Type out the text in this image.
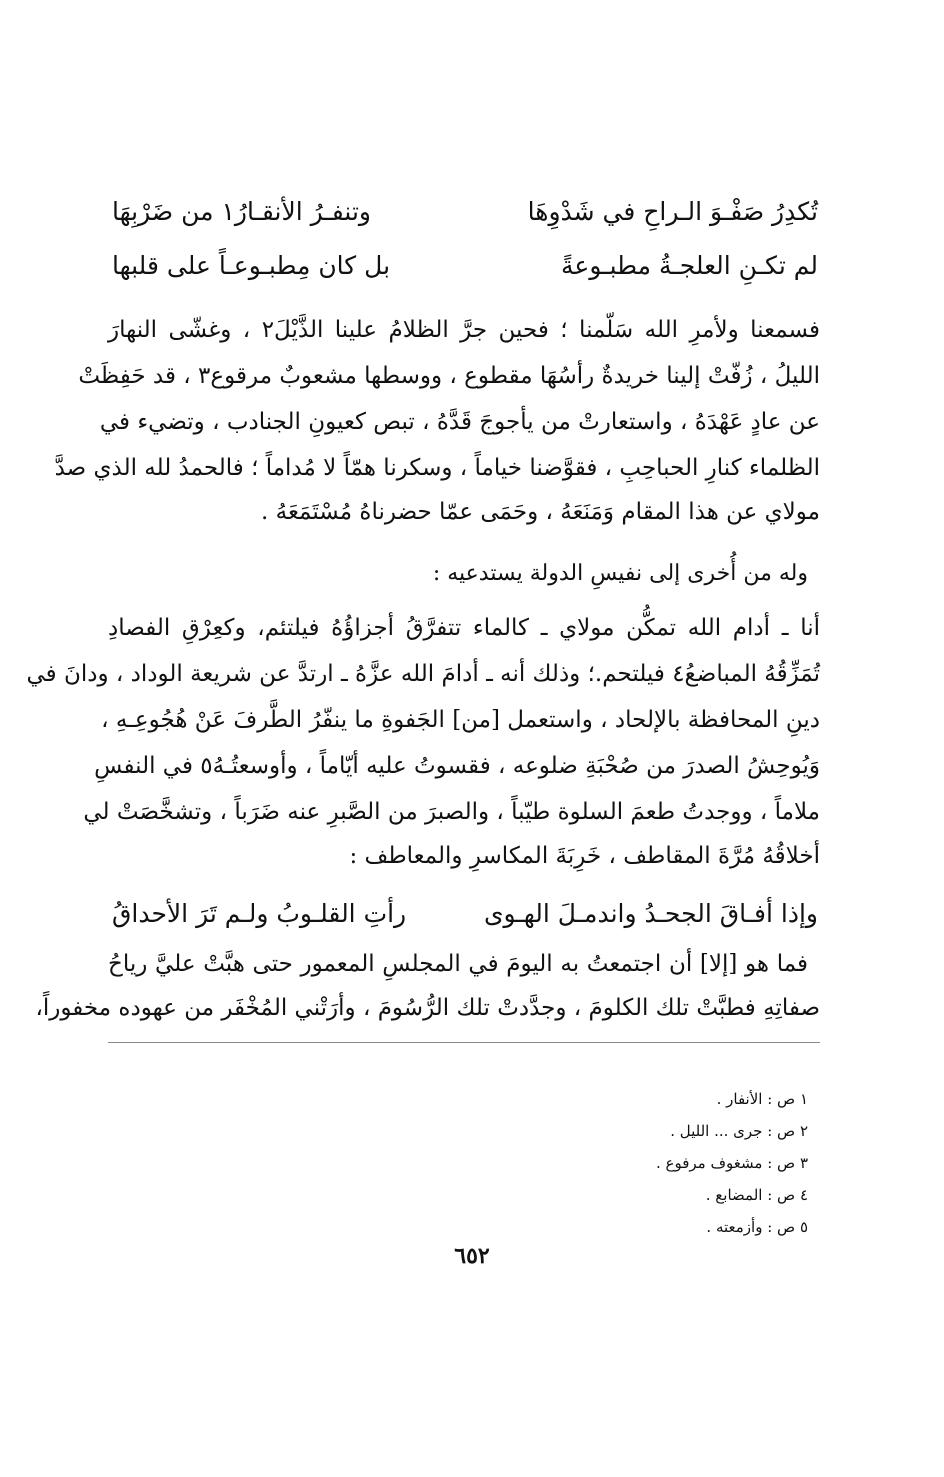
تُكدِرُ صَفْـوَ الـراحِ في شَدْوِهَا
وتنفـرُ الأنقـارُ١ من ضَرْبِهَا
لم تكـنِ العلجـةُ مطبـوعةً
بل كان مِطبـوعـاً على قلبها
فسمعنا ولأمرِ الله سَلّمنا ؛ فحين جرَّ الظلامُ علينا الذَّيْلَ٢ ، وغشّى النهارَ
الليلُ ، زُفّتْ إلينا خريدةٌ رأسُهَا مقطوع ، ووسطها مشعوبٌ مرقوع٣ ، قد حَفِظَتْ
عن عادٍ عَهْدَهُ ، واستعارتْ من يأجوجَ قَدَّهُ ، تبص كعيونِ الجنادب ، وتضيء في
الظلماء كنارِ الحباحِبِ ، فقوَّضنا خياماً ، وسكرنا همّاً لا مُداماً ؛ فالحمدُ لله الذي صدَّ
مولاي عن هذا المقام وَمَنَعَهُ ، وحَمَى عمّا حضرناهُ مُسْتَمَعَهُ .
وله من أُخرى إلى نفيسِ الدولة يستدعيه :
أنا ـ أدام الله تمكُّن مولاي ـ كالماء تتفرَّقُ أجزاؤُهُ فيلتئم، وكعِرْقِ الفصادِ
تُمَزِّقُهُ المباضعُ٤ فيلتحم.؛ وذلك أنه ـ أدامَ الله عزَّهُ ـ ارتدَّ عن شريعة الوداد ، ودانَ في
دينِ المحافظة بالإلحاد ، واستعمل [من] الجَفوةِ ما ينفّرُ الطَّرفَ عَنْ هُجُوعِـهِ ،
وَيُوحِشُ الصدرَ من صُحْبَةِ ضلوعه ، فقسوتُ عليه أيّاماً ، وأوسعتُـهُ٥ في النفسِ
ملاماً ، ووجدتُ طعمَ السلوة طيّباً ، والصبرَ من الصَّبرِ عنه ضَرَباً ، وتشخَّصَتْ لي
أخلاقُهُ مُرَّةَ المقاطف ، خَرِبَةَ المكاسرِ والمعاطف :
وإذا أفـاقَ الجحـدُ واندمـلَ الهـوى
رأتِ القلـوبُ ولـم تَرَ الأحداقُ
فما هو [إلا] أن اجتمعتُ به اليومَ في المجلسِ المعمور حتى هبَّتْ عليَّ رياحُ
صفاتِهِ فطبَّتْ تلك الكلومَ ، وجدَّدتْ تلك الرُّسُومَ ، وأرَتْني المُخْفَر من عهوده مخفوراً،
١ ص : الأنفار .
٢ ص : جرى ... الليل .
٣ ص : مشغوف مرفوع .
٤ ص : المضابع .
٥ ص : وأزمعته .
٦٥٢
